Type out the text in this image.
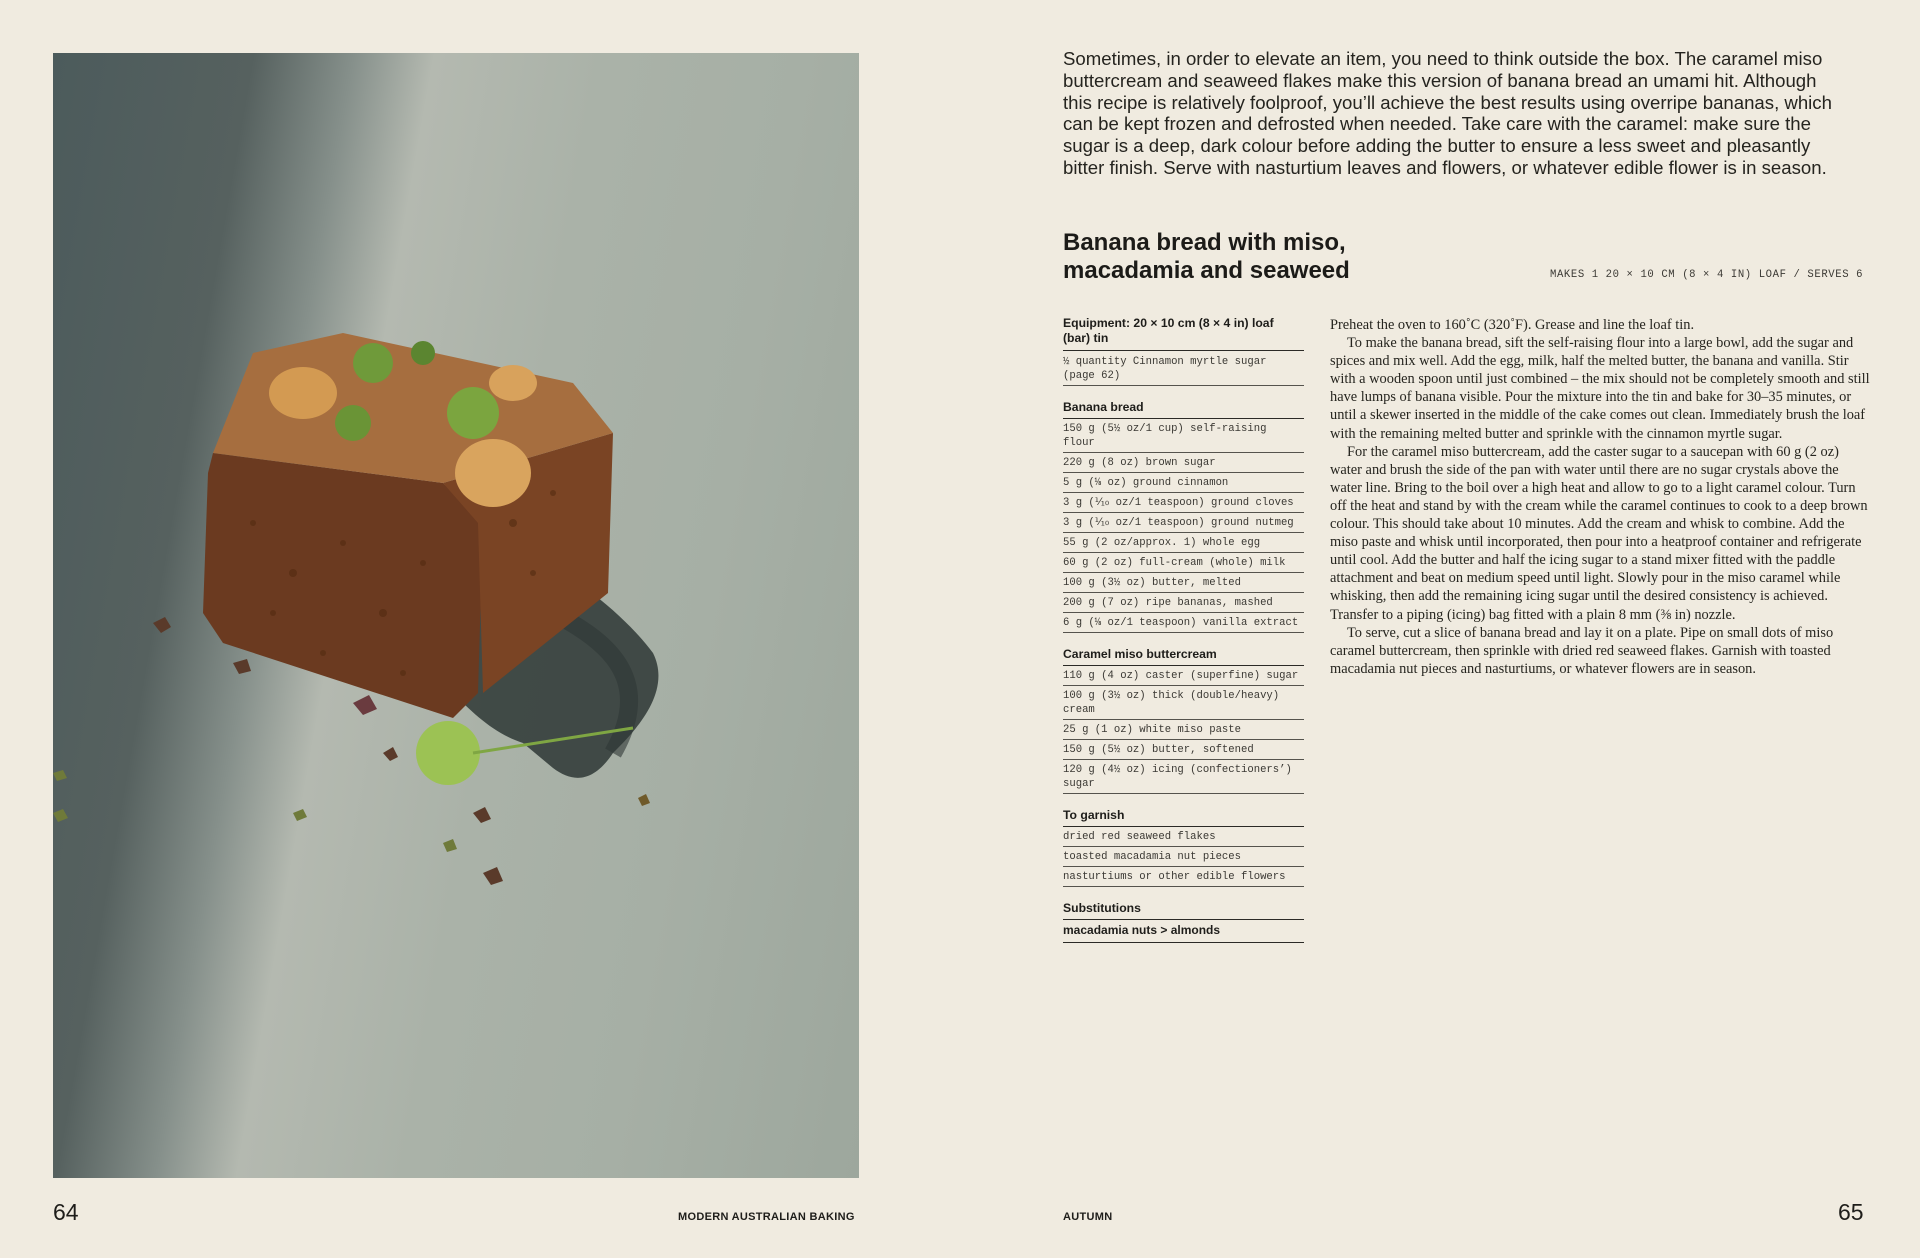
64	MODERN AUSTRALIAN BAKING
Sometimes, in order to elevate an item, you need to think outside the box. The caramel miso buttercream and seaweed flakes make this version of banana bread an umami hit. Although this recipe is relatively foolproof, you’ll achieve the best results using overripe bananas, which can be kept frozen and defrosted when needed. Take care with the caramel: make sure the sugar is a deep, dark colour before adding the butter to ensure a less sweet and pleasantly bitter finish. Serve with nasturtium leaves and flowers, or whatever edible flower is in season.
Banana bread with miso,
macadamia and seaweed	MAKES 1 20 × 10 CM (8 × 4 IN) LOAF / SERVES 6
Equipment: 20 × 10 cm (8 × 4 in) loaf (bar) tin
½ quantity Cinnamon myrtle sugar (page 62)
Banana bread
150 g (5½ oz/1 cup) self-raising flour
220 g (8 oz) brown sugar
5 g (⅛ oz) ground cinnamon
3 g (⅒ oz/1 teaspoon) ground cloves
3 g (⅒ oz/1 teaspoon) ground nutmeg
55 g (2 oz/approx. 1) whole egg
60 g (2 oz) full-cream (whole) milk
100 g (3½ oz) butter, melted
200 g (7 oz) ripe bananas, mashed
6 g (⅛ oz/1 teaspoon) vanilla extract
Caramel miso buttercream
110 g (4 oz) caster (superfine) sugar
100 g (3½ oz) thick (double/heavy) cream
25 g (1 oz) white miso paste
150 g (5½ oz) butter, softened
120 g (4½ oz) icing (confectioners’) sugar
To garnish
dried red seaweed flakes
toasted macadamia nut pieces
nasturtiums or other edible flowers
Substitutions
macadamia nuts > almonds

Preheat the oven to 160˚C (320˚F). Grease and line the loaf tin.

To make the banana bread, sift the self-raising flour into a large bowl, add the sugar and spices and mix well. Add the egg, milk, half the melted butter, the banana and vanilla. Stir with a wooden spoon until just combined – the mix should not be completely smooth and still have lumps of banana visible. Pour the mixture into the tin and bake for 30–35 minutes, or until a skewer inserted in the middle of the cake comes out clean. Immediately brush the loaf with the remaining melted butter and sprinkle with the cinnamon myrtle sugar.

For the caramel miso buttercream, add the caster sugar to a saucepan with 60 g (2 oz) water and brush the side of the pan with water until there are no sugar crystals above the water line. Bring to the boil over a high heat and allow to go to a light caramel colour. Turn off the heat and stand by with the cream while the caramel continues to cook to a deep brown colour. This should take about 10 minutes. Add the cream and whisk to combine. Add the miso paste and whisk until incorporated, then pour into a heatproof container and refrigerate until cool. Add the butter and half the icing sugar to a stand mixer fitted with the paddle attachment and beat on medium speed until light. Slowly pour in the miso caramel while whisking, then add the remaining icing sugar until the desired consistency is achieved. Transfer to a piping (icing) bag fitted with a plain 8 mm (⅜ in) nozzle.

To serve, cut a slice of banana bread and lay it on a plate. Pipe on small dots of miso caramel buttercream, then sprinkle with dried red seaweed flakes. Garnish with toasted macadamia nut pieces and nasturtiums, or whatever flowers are in season.

AUTUMN	65
